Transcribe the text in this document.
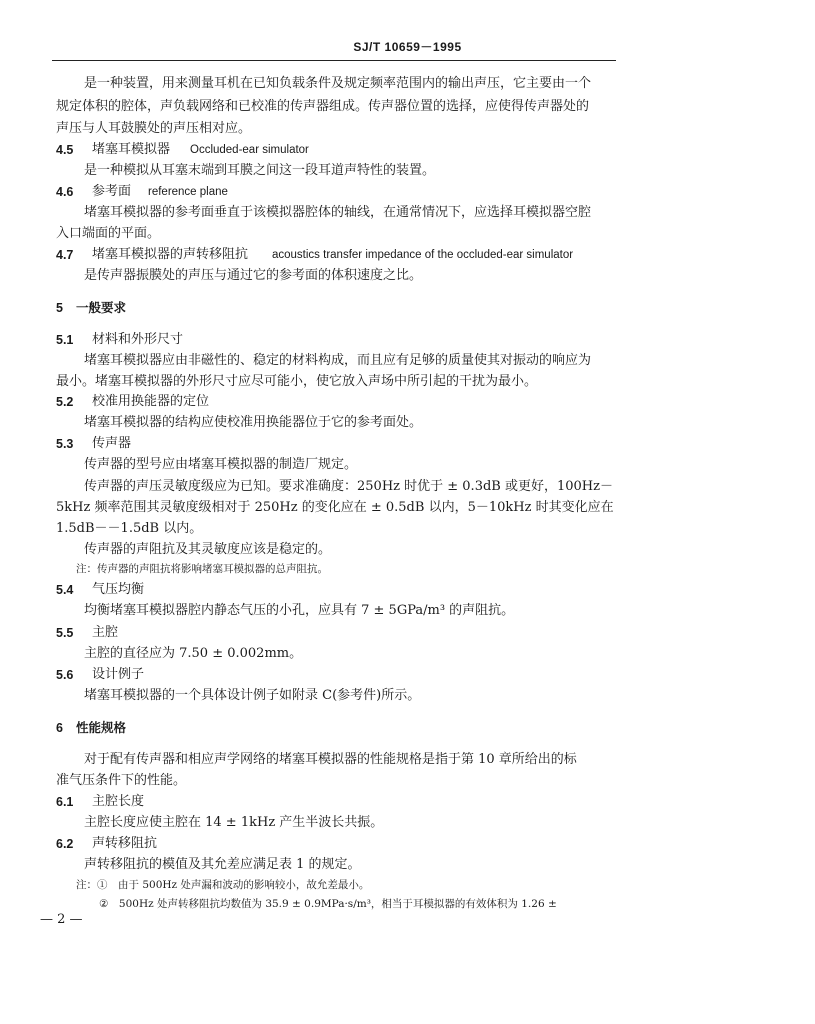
SJ/T 10659－1995
是一种装置，用来测量耳机在已知负载条件及规定频率范围内的输出声压，它主要由一个
规定体积的腔体，声负载网络和已校准的传声器组成。传声器位置的选择，应使得传声器处的
声压与人耳鼓膜处的声压相对应。
4.5 堵塞耳模拟器 Occluded-ear simulator
是一种模拟从耳塞末端到耳膜之间这一段耳道声特性的装置。
4.6 参考面 reference plane
堵塞耳模拟器的参考面垂直于该模拟器腔体的轴线，在通常情况下，应选择耳模拟器空腔
入口端面的平面。
4.7 堵塞耳模拟器的声转移阻抗 acoustics transfer impedance of the occluded-ear simulator
是传声器振膜处的声压与通过它的参考面的体积速度之比。
5 一般要求
5.1 材料和外形尺寸
堵塞耳模拟器应由非磁性的、稳定的材料构成，而且应有足够的质量使其对振动的响应为
最小。堵塞耳模拟器的外形尺寸应尽可能小，使它放入声场中所引起的干扰为最小。
5.2 校准用换能器的定位
堵塞耳模拟器的结构应使校准用换能器位于它的参考面处。
5.3 传声器
传声器的型号应由堵塞耳模拟器的制造厂规定。
传声器的声压灵敏度级应为已知。要求准确度：250Hz 时优于 ± 0.3dB 或更好，100Hz－
5kHz 频率范围其灵敏度级相对于 250Hz 的变化应在 ± 0.5dB 以内，5－10kHz 时其变化应在
1.5dB－－1.5dB 以内。
传声器的声阻抗及其灵敏度应该是稳定的。
注：传声器的声阻抗将影响堵塞耳模拟器的总声阻抗。
5.4 气压均衡
均衡堵塞耳模拟器腔内静态气压的小孔，应具有 7 ± 5GPa/m³ 的声阻抗。
5.5 主腔
主腔的直径应为 7.50 ± 0.002mm。
5.6 设计例子
堵塞耳模拟器的一个具体设计例子如附录 C(参考件)所示。
6 性能规格
对于配有传声器和相应声学网络的堵塞耳模拟器的性能规格是指于第 10 章所给出的标
准气压条件下的性能。
6.1 主腔长度
主腔长度应使主腔在 14 ± 1kHz 产生半波长共振。
6.2 声转移阻抗
声转移阻抗的模值及其允差应满足表 1 的规定。
注：①　由于 500Hz 处声漏和波动的影响较小，故允差最小。
②　500Hz 处声转移阻抗均数值为 35.9 ± 0.9MPa·s/m³，相当于耳模拟器的有效体积为 1.26 ±
— 2 —
